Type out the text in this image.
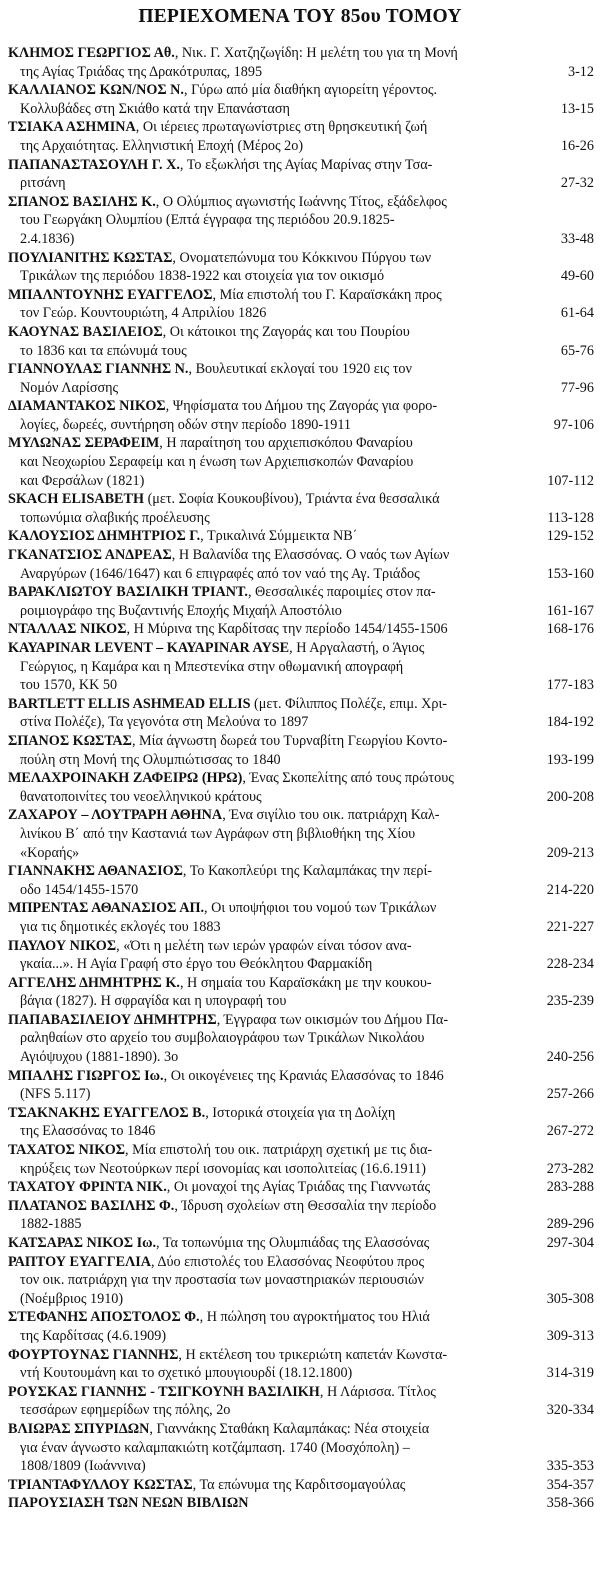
ΠΕΡΙΕΧΟΜΕΝΑ ΤΟΥ 85ου ΤΟΜΟΥ
ΚΛΗΜΟΣ ΓΕΩΡΓΙΟΣ Αθ., Νικ. Γ. Χατζηζωγίδη: Η μελέτη του για τη Μονή
της Αγίας Τριάδας της Δρακότρυπας, 1895	3-12
ΚΑΛΛΙΑΝΟΣ ΚΩΝ/ΝΟΣ Ν., Γύρω από μία διαθήκη αγιορείτη γέροντος.
Κολλυβάδες στη Σκιάθο κατά την Επανάσταση	13-15
ΤΣΙΑΚΑ ΑΣΗΜΙΝΑ, Οι ιέρειες πρωταγωνίστριες στη θρησκευτική ζωή
της Αρχαιότητας. Ελληνιστική Εποχή (Μέρος 2ο)	16-26
ΠΑΠΑΝΑΣΤΑΣΟΥΛΗ Γ. Χ., Το εξωκλήσι της Αγίας Μαρίνας στην Τσα-
ριτσάνη	27-32
ΣΠΑΝΟΣ ΒΑΣΙΛΗΣ Κ., Ο Ολύμπιος αγωνιστής Ιωάννης Τίτος, εξάδελφος
του Γεωργάκη Ολυμπίου (Επτά έγγραφα της περιόδου 20.9.1825-
2.4.1836)	33-48
ΠΟΥΛΙΑΝΙΤΗΣ ΚΩΣΤΑΣ, Ονοματεπώνυμα του Κόκκινου Πύργου των
Τρικάλων της περιόδου 1838-1922 και στοιχεία για τον οικισμό	49-60
ΜΠΑΛΝΤΟΥΝΗΣ ΕΥΑΓΓΕΛΟΣ, Μία επιστολή του Γ. Καραϊσκάκη προς
τον Γεώρ. Κουντουριώτη, 4 Απριλίου 1826	61-64
ΚΑΟΥΝΑΣ ΒΑΣΙΛΕΙΟΣ, Οι κάτοικοι της Ζαγοράς και του Πουρίου
το 1836 και τα επώνυμά τους	65-76
ΓΙΑΝΝΟΥΛΑΣ ΓΙΑΝΝΗΣ Ν., Βουλευτικαί εκλογαί του 1920 εις τον
Νομόν Λαρίσσης	77-96
ΔΙΑΜΑΝΤΑΚΟΣ ΝΙΚΟΣ, Ψηφίσματα του Δήμου της Ζαγοράς για φορο-
λογίες, δωρεές, συντήρηση οδών στην περίοδο 1890-1911	97-106
ΜΥΛΩΝΑΣ ΣΕΡΑΦΕΙΜ, Η παραίτηση του αρχιεπισκόπου Φαναρίου
και Νεοχωρίου Σεραφείμ και η ένωση των Αρχιεπισκοπών Φαναρίου
και Φερσάλων (1821)	107-112
SKACH ELISABETH (μετ. Σοφία Κουκουβίνου), Τριάντα ένα θεσσαλικά
τοπωνύμια σλαβικής προέλευσης	113-128
ΚΑΛΟΥΣΙΟΣ ΔΗΜΗΤΡΙΟΣ Γ., Τρικαλινά Σύμμεικτα ΝΒ΄	129-152
ΓΚΑΝΑΤΣΙΟΣ ΑΝΔΡΕΑΣ, Η Βαλανίδα της Ελασσόνας. Ο ναός των Αγίων
Αναργύρων (1646/1647) και 6 επιγραφές από τον ναό της Αγ. Τριάδος	153-160
ΒΑΡΑΚΛΙΩΤΟΥ ΒΑΣΙΛΙΚΗ ΤΡΙΑΝΤ., Θεσσαλικές παροιμίες στον πα-
ροιμιογράφο της Βυζαντινής Εποχής Μιχαήλ Αποστόλιο	161-167
ΝΤΑΛΛΑΣ ΝΙΚΟΣ, Η Μύρινα της Καρδίτσας την περίοδο 1454/1455-1506	168-176
ΚΑΥΑΡΙΝΑR LEVENT – ΚΑΥΑΡΙΝΑR AYSE, Η Αργαλαστή, ο Άγιος
Γεώργιος, η Καμάρα και η Μπεστενίκα στην οθωμανική απογραφή
του 1570, ΚΚ 50	177-183
BARTLETT ELLIS ASHMEAD ELLIS (μετ. Φίλιππος Πολέζε, επιμ. Χρι-
στίνα Πολέζε), Τα γεγονότα στη Μελούνα το 1897	184-192
ΣΠΑΝΟΣ ΚΩΣΤΑΣ, Μία άγνωστη δωρεά του Τυρναβίτη Γεωργίου Κοντο-
πούλη στη Μονή της Ολυμπιώτισσας το 1840	193-199
ΜΕΛΑΧΡΟΙΝΑΚΗ ΖΑΦΕΙΡΩ (ΗΡΩ), Ένας Σκοπελίτης από τους πρώτους
θανατοποινίτες του νεοελληνικού κράτους	200-208
ΖΑΧΑΡΟΥ – ΛΟΥΤΡΑΡΗ ΑΘΗΝΑ, Ένα σιγίλιο του οικ. πατριάρχη Καλ-
λινίκου Β΄ από την Καστανιά των Αγράφων στη βιβλιοθήκη της Χίου
«Κοραής»	209-213
ΓΙΑΝΝΑΚΗΣ ΑΘΑΝΑΣΙΟΣ, Το Κακοπλεύρι της Καλαμπάκας την περί-
οδο 1454/1455-1570	214-220
ΜΠΡΕΝΤΑΣ ΑΘΑΝΑΣΙΟΣ ΑΠ., Οι υποψήφιοι του νομού των Τρικάλων
για τις δημοτικές εκλογές του 1883	221-227
ΠΑΥΛΟΥ ΝΙΚΟΣ, «Ότι η μελέτη των ιερών γραφών είναι τόσον ανα-
γκαία...». Η Αγία Γραφή στο έργο του Θεόκλητου Φαρμακίδη	228-234
ΑΓΓΕΛΗΣ ΔΗΜΗΤΡΗΣ Κ., Η σημαία του Καραϊσκάκη με την κουκου-
βάγια (1827). Η σφραγίδα και η υπογραφή του	235-239
ΠΑΠΑΒΑΣΙΛΕΙΟΥ ΔΗΜΗΤΡΗΣ, Έγγραφα των οικισμών του Δήμου Πα-
ραληθαίων στο αρχείο του συμβολαιογράφου των Τρικάλων Νικολάου
Αγιόψυχου (1881-1890). 3ο	240-256
ΜΠΑΛΗΣ ΓΙΩΡΓΟΣ Ιω., Οι οικογένειες της Κρανιάς Ελασσόνας το 1846
(NFS 5.117)	257-266
ΤΣΑΚΝΑΚΗΣ ΕΥΑΓΓΕΛΟΣ Β., Ιστορικά στοιχεία για τη Δολίχη
της Ελασσόνας το 1846	267-272
ΤΑΧΑΤΟΣ ΝΙΚΟΣ, Μία επιστολή του οικ. πατριάρχη σχετική με τις δια-
κηρύξεις των Νεοτούρκων περί ισονομίας και ισοπολιτείας (16.6.1911)	273-282
ΤΑΧΑΤΟΥ ΦΡΙΝΤΑ ΝΙΚ., Οι μοναχοί της Αγίας Τριάδας της Γιαννωτάς	283-288
ΠΛΑΤΑΝΟΣ ΒΑΣΙΛΗΣ Φ., Ίδρυση σχολείων στη Θεσσαλία την περίοδο
1882-1885	289-296
ΚΑΤΣΑΡΑΣ ΝΙΚΟΣ Ιω., Τα τοπωνύμια της Ολυμπιάδας της Ελασσόνας	297-304
ΡΑΠΤΟΥ ΕΥΑΓΓΕΛΙΑ, Δύο επιστολές του Ελασσόνας Νεοφύτου προς
τον οικ. πατριάρχη για την προστασία των μοναστηριακών περιουσιών
(Νοέμβριος 1910)	305-308
ΣΤΕΦΑΝΗΣ ΑΠΟΣΤΟΛΟΣ Φ., Η πώληση του αγροκτήματος του Ηλιά
της Καρδίτσας (4.6.1909)	309-313
ΦΟΥΡΤΟΥΝΑΣ ΓΙΑΝΝΗΣ, Η εκτέλεση του τρικεριώτη καπετάν Κωνστα-
ντή Κουτουμάνη και το σχετικό μπουγιουρδί (18.12.1800)	314-319
ΡΟΥΣΚΑΣ ΓΙΑΝΝΗΣ - ΤΣΙΓΚΟΥΝΗ ΒΑΣΙΛΙΚΗ, Η Λάρισσα. Τίτλος
τεσσάρων εφημερίδων της πόλης, 2ο	320-334
ΒΛΙΩΡΑΣ ΣΠΥΡΙΔΩΝ, Γιαννάκης Σταθάκη Καλαμπάκας: Νέα στοιχεία
για έναν άγνωστο καλαμπακιώτη κοτζάμπαση. 1740 (Μοσχόπολη) –
1808/1809 (Ιωάννινα)	335-353
ΤΡΙΑΝΤΑΦΥΛΛΟΥ ΚΩΣΤΑΣ, Τα επώνυμα της Καρδιτσομαγούλας	354-357
ΠΑΡΟΥΣΙΑΣΗ ΤΩΝ ΝΕΩΝ ΒΙΒΛΙΩΝ	358-366
